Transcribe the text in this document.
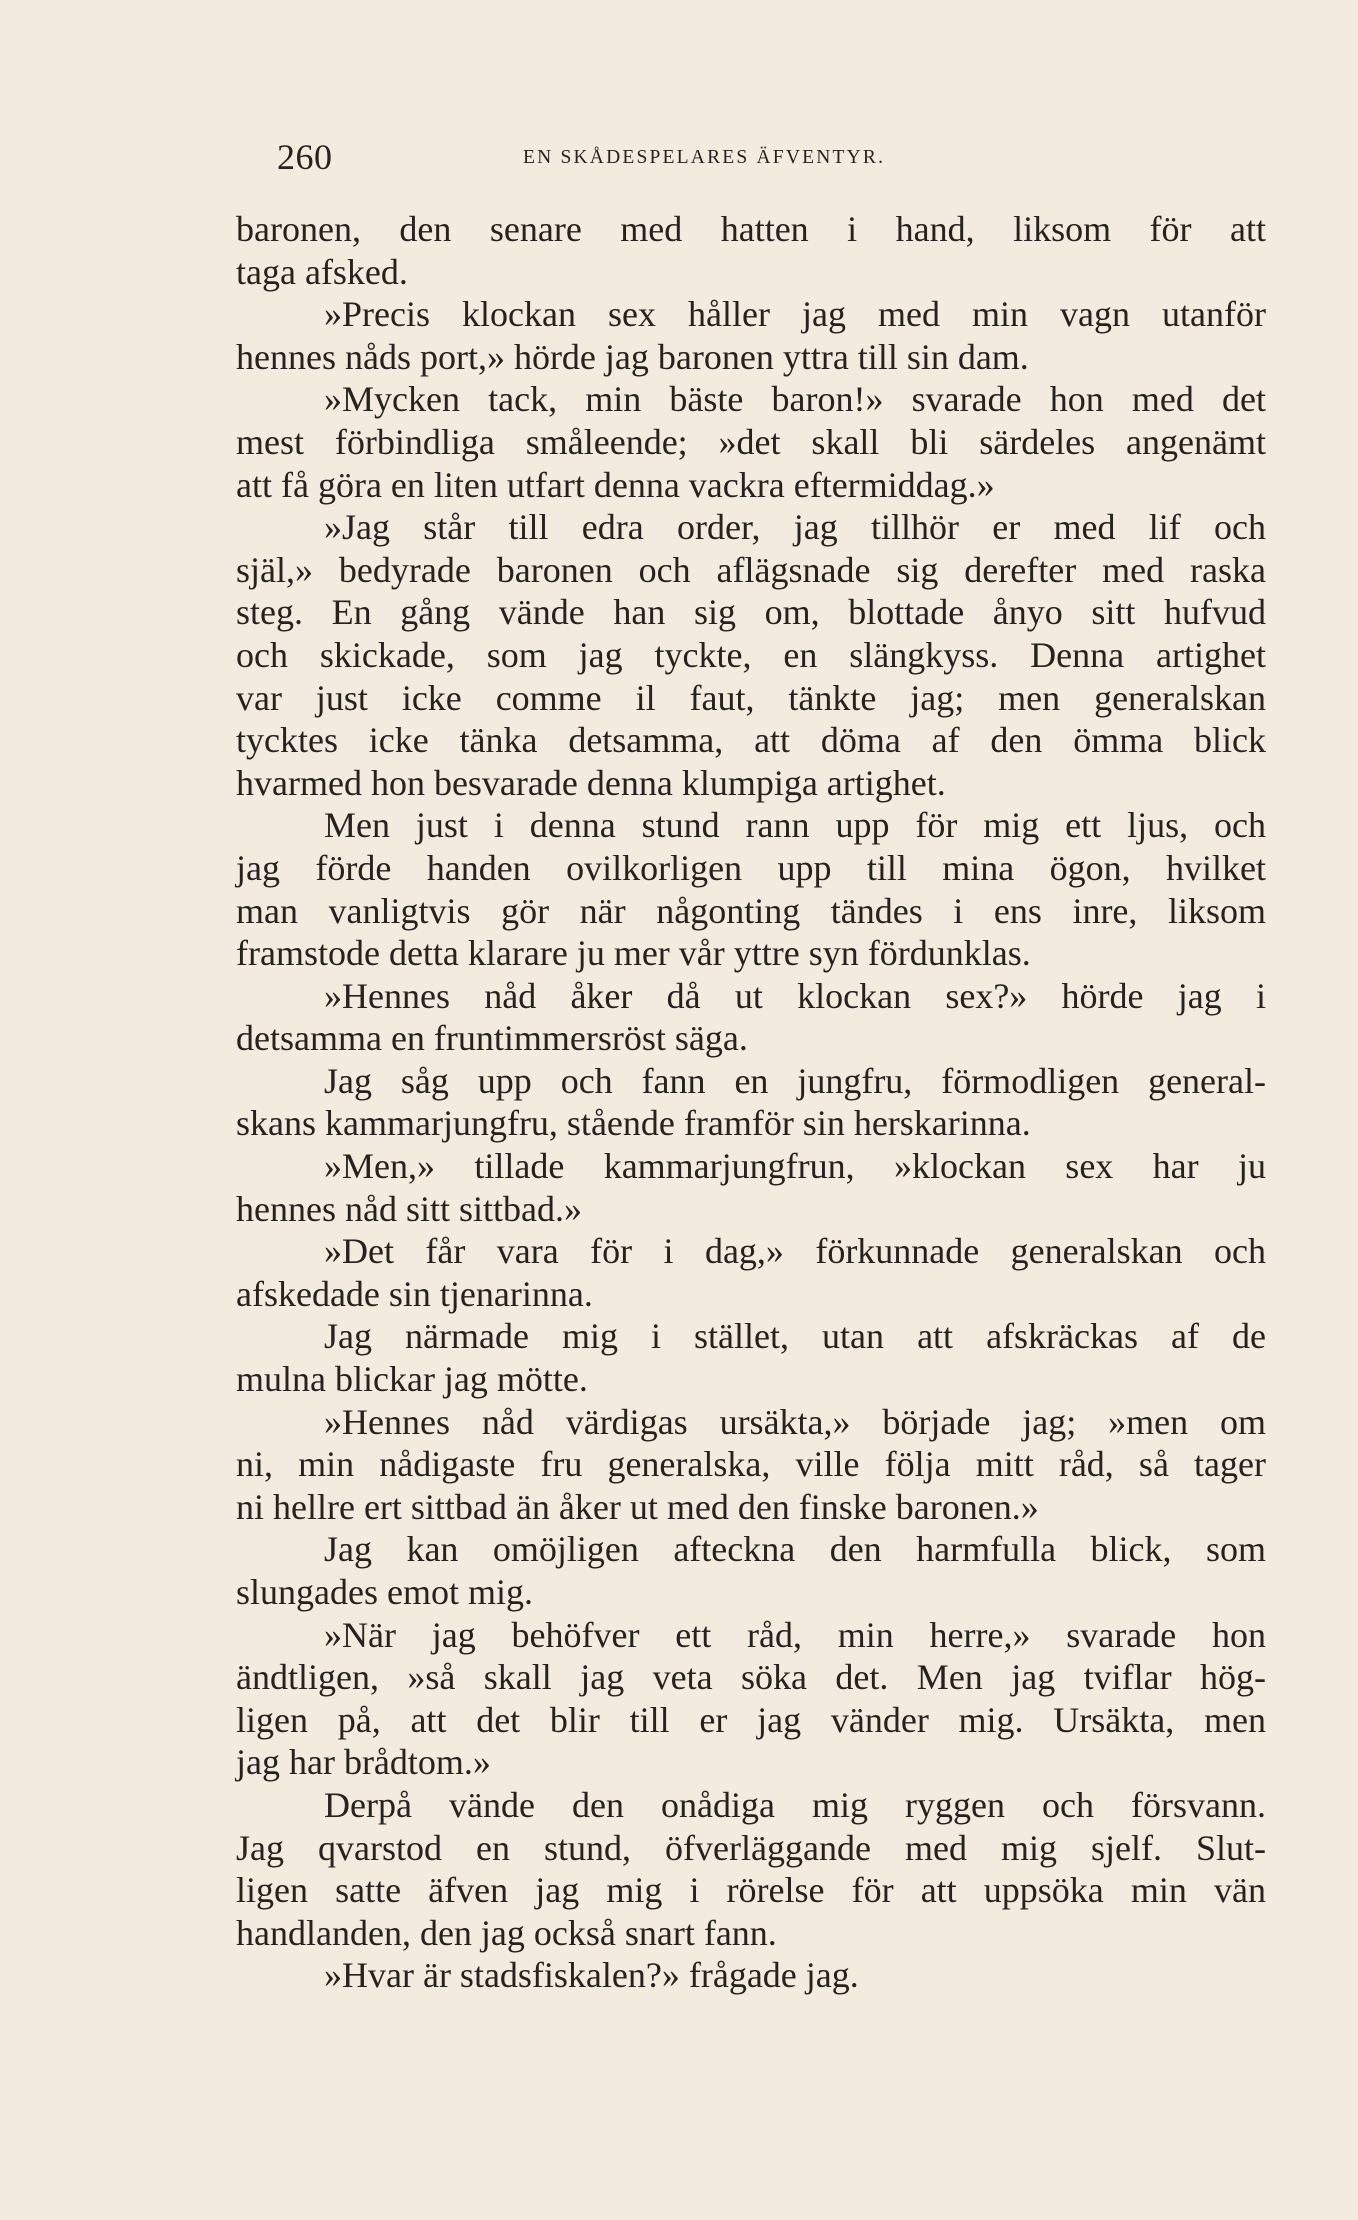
260	EN SKÅDESPELARES ÄFVENTYR.
baronen, den senare med hatten i hand, liksom för att
taga afsked.
»Precis klockan sex håller jag med min vagn utanför
hennes nåds port,» hörde jag baronen yttra till sin dam.
»Mycken tack, min bäste baron!» svarade hon med det
mest förbindliga småleende; »det skall bli särdeles angenämt
att få göra en liten utfart denna vackra eftermiddag.»
»Jag står till edra order, jag tillhör er med lif och
själ,» bedyrade baronen och aflägsnade sig derefter med raska
steg. En gång vände han sig om, blottade ånyo sitt hufvud
och skickade, som jag tyckte, en slängkyss. Denna artighet
var just icke comme il faut, tänkte jag; men generalskan
tycktes icke tänka detsamma, att döma af den ömma blick
hvarmed hon besvarade denna klumpiga artighet.
Men just i denna stund rann upp för mig ett ljus, och
jag förde handen ovilkorligen upp till mina ögon, hvilket
man vanligtvis gör när någonting tändes i ens inre, liksom
framstode detta klarare ju mer vår yttre syn fördunklas.
»Hennes nåd åker då ut klockan sex?» hörde jag i
detsamma en fruntimmersröst säga.
Jag såg upp och fann en jungfru, förmodligen general-
skans kammarjungfru, stående framför sin herskarinna.
»Men,» tillade kammarjungfrun, »klockan sex har ju
hennes nåd sitt sittbad.»
»Det får vara för i dag,» förkunnade generalskan och
afskedade sin tjenarinna.
Jag närmade mig i stället, utan att afskräckas af de
mulna blickar jag mötte.
»Hennes nåd värdigas ursäkta,» började jag; »men om
ni, min nådigaste fru generalska, ville följa mitt råd, så tager
ni hellre ert sittbad än åker ut med den finske baronen.»
Jag kan omöjligen afteckna den harmfulla blick, som
slungades emot mig.
»När jag behöfver ett råd, min herre,» svarade hon
ändtligen, »så skall jag veta söka det. Men jag tviflar hög-
ligen på, att det blir till er jag vänder mig. Ursäkta, men
jag har brådtom.»
Derpå vände den onådiga mig ryggen och försvann.
Jag qvarstod en stund, öfverläggande med mig sjelf. Slut-
ligen satte äfven jag mig i rörelse för att uppsöka min vän
handlanden, den jag också snart fann.
»Hvar är stadsfiskalen?» frågade jag.
